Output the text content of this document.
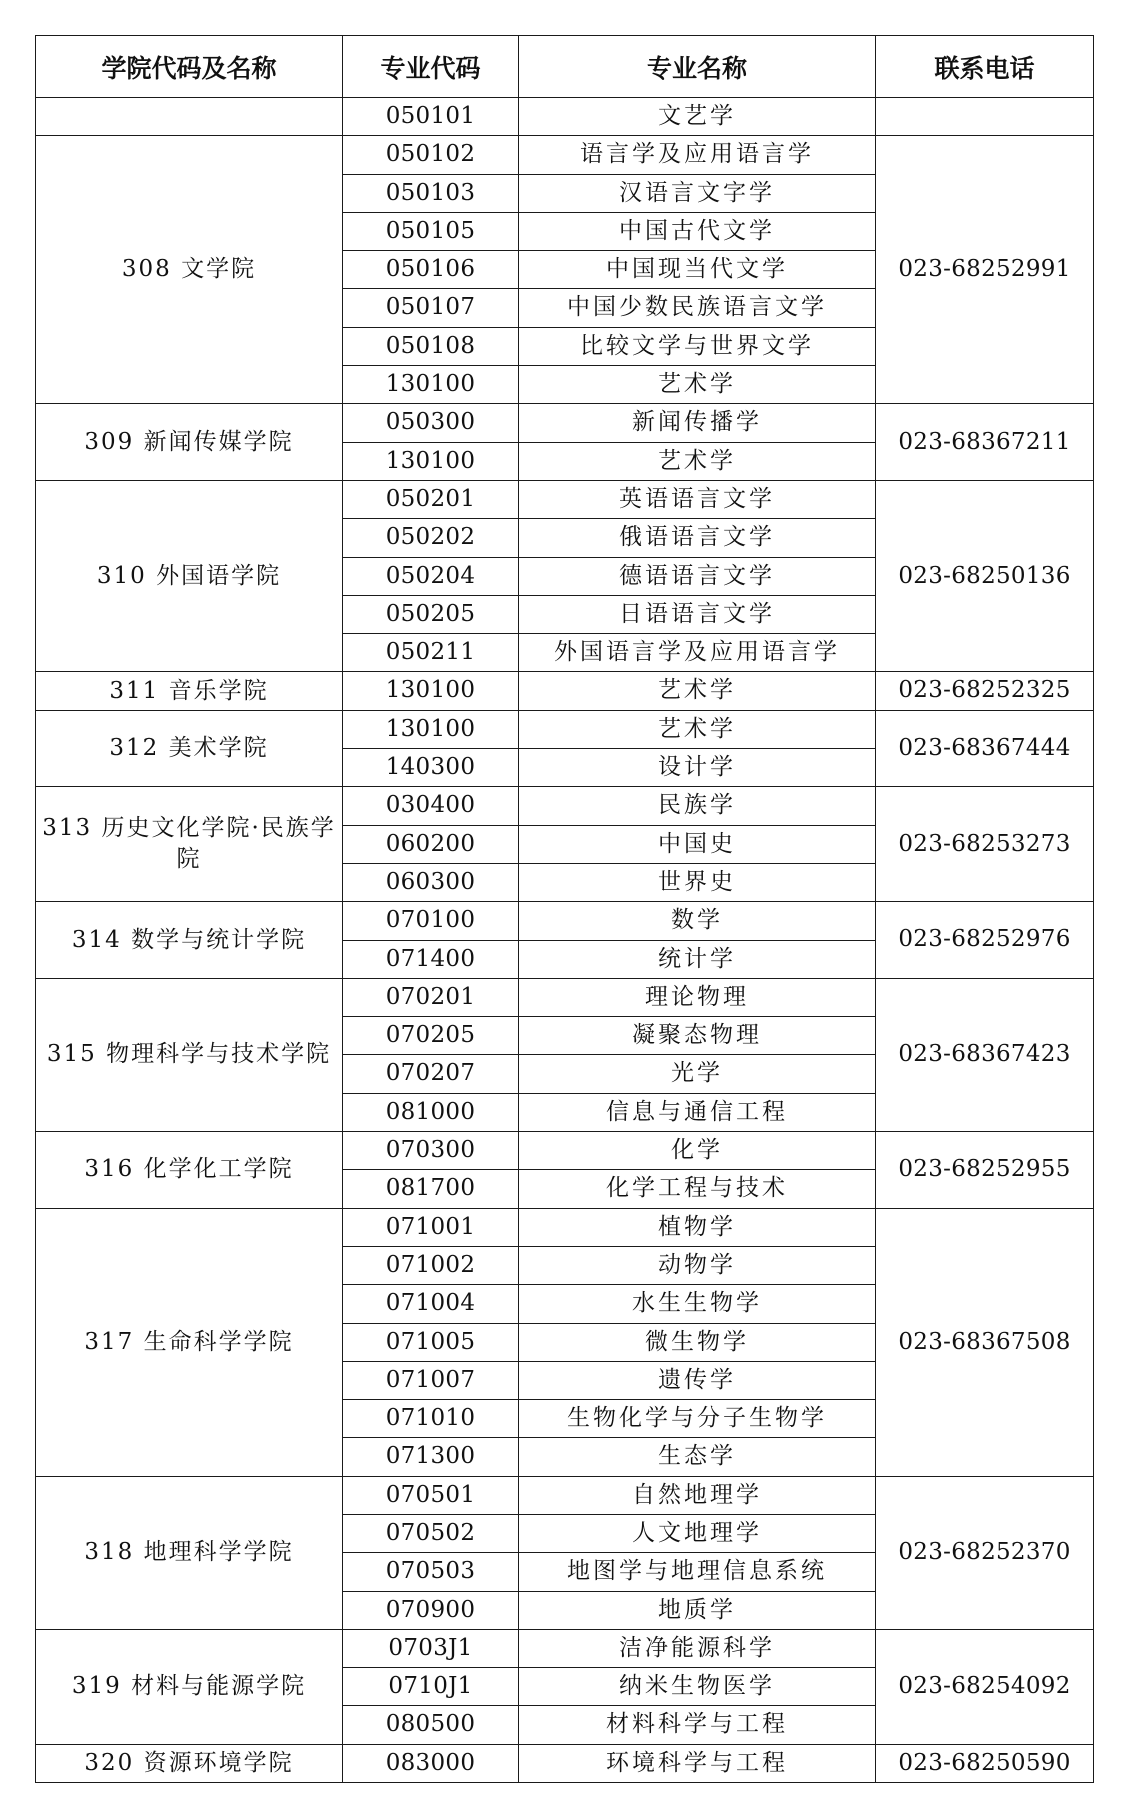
学院代码及名称	专业代码	专业名称	联系电话
	050101	文艺学	
308 文学院	050102	语言学及应用语言学	023-68252991
	050103	汉语言文字学	
	050105	中国古代文学	
	050106	中国现当代文学	
	050107	中国少数民族语言文学	
	050108	比较文学与世界文学	
	130100	艺术学	
309 新闻传媒学院	050300	新闻传播学	023-68367211
	130100	艺术学	
310 外国语学院	050201	英语语言文学	023-68250136
	050202	俄语语言文学	
	050204	德语语言文学	
	050205	日语语言文学	
	050211	外国语言学及应用语言学	
311 音乐学院	130100	艺术学	023-68252325
312 美术学院	130100	艺术学	023-68367444
	140300	设计学	
313 历史文化学院·民族学院	030400	民族学	023-68253273
	060200	中国史	
	060300	世界史	
314 数学与统计学院	070100	数学	023-68252976
	071400	统计学	
315 物理科学与技术学院	070201	理论物理	023-68367423
	070205	凝聚态物理	
	070207	光学	
	081000	信息与通信工程	
316 化学化工学院	070300	化学	023-68252955
	081700	化学工程与技术	
317 生命科学学院	071001	植物学	023-68367508
	071002	动物学	
	071004	水生生物学	
	071005	微生物学	
	071007	遗传学	
	071010	生物化学与分子生物学	
	071300	生态学	
318 地理科学学院	070501	自然地理学	023-68252370
	070502	人文地理学	
	070503	地图学与地理信息系统	
	070900	地质学	
319 材料与能源学院	0703J1	洁净能源科学	023-68254092
	0710J1	纳米生物医学	
	080500	材料科学与工程	
320 资源环境学院	083000	环境科学与工程	023-68250590
